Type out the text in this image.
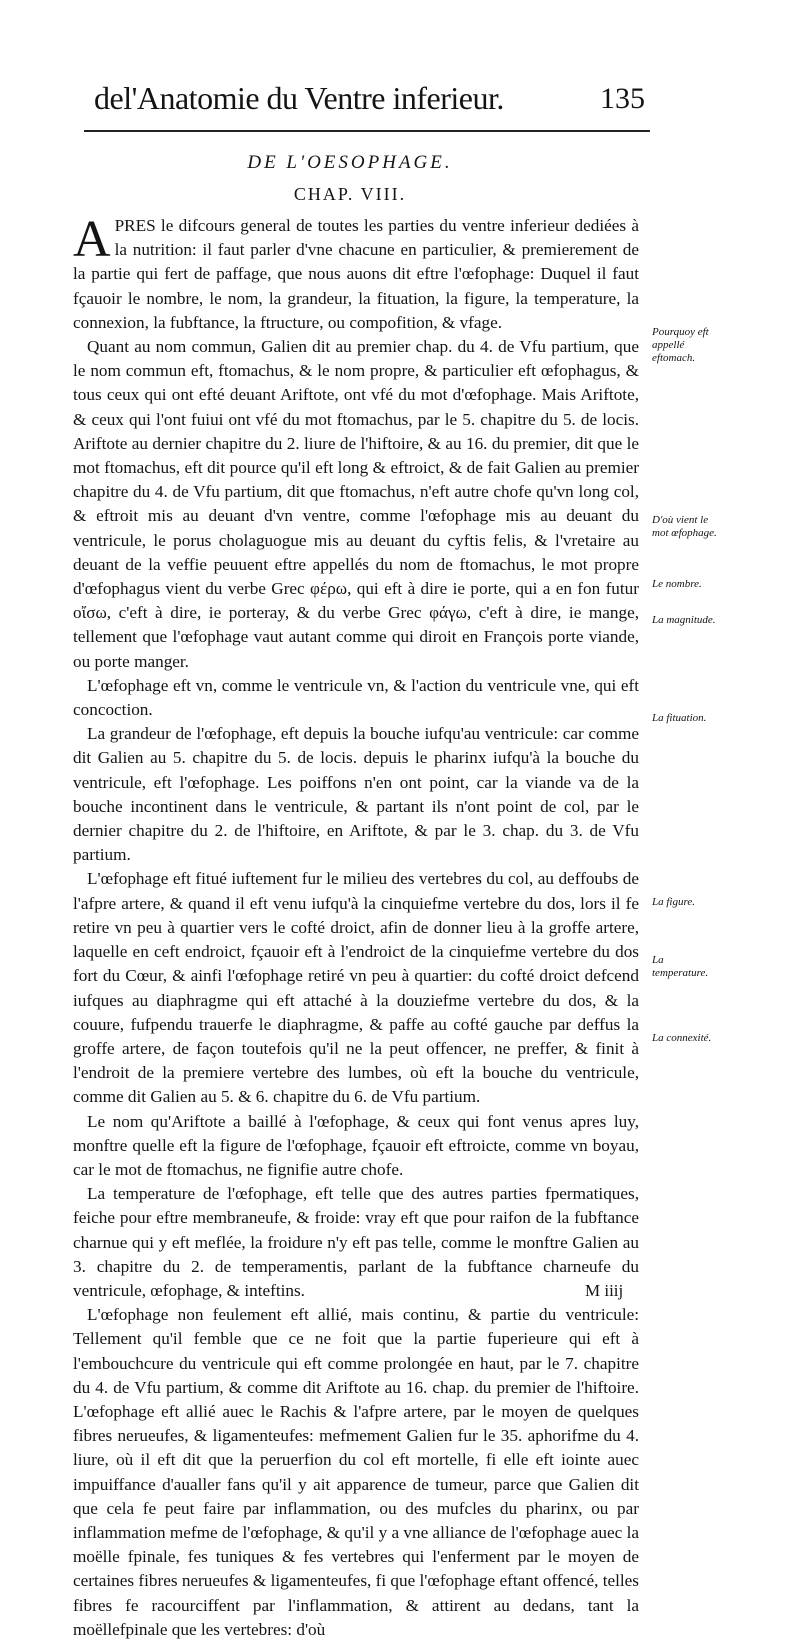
del'Anatomie du Ventre inferieur.	135
DE L'OESOPHAGE.
CHAP. VIII.

APRES le difcours general de toutes les parties du ventre inferieur dediées à la nutrition: il faut parler d'vne chacune en particulier, & premierement de la partie qui fert de paffage, que nous auons dit eftre l'œfophage: Duquel il faut fçauoir le nombre, le nom, la grandeur, la fituation, la figure, la temperature, la connexion, la fubftance, la ftructure, ou compofition, & vfage.

Quant au nom commun, Galien dit au premier chap. du 4. de Vfu partium, que le nom commun eft, ftomachus, & le nom propre, & particulier eft œfophagus, & tous ceux qui ont efté deuant Ariftote, ont vfé du mot d'œfophage. Mais Ariftote, & ceux qui l'ont fuiui ont vfé du mot ftomachus, par le 5. chapitre du 5. de locis. Ariftote au dernier chapitre du 2. liure de l'hiftoire, & au 16. du premier, dit que le mot ftomachus, eft dit pource qu'il eft long & eftroict, & de fait Galien au premier chapitre du 4. de Vfu partium, dit que ftomachus, n'eft autre chofe qu'vn long col, & eftroit mis au deuant d'vn ventre, comme l'œfophage mis au deuant du ventricule, le porus cholaguogue mis au deuant du cyftis felis, & l'vretaire au deuant de la veffie peuuent eftre appellés du nom de ftomachus, le mot propre d'œfophagus vient du verbe Grec φέρω, qui eft à dire ie porte, qui a en fon futur οἴσω, c'eft à dire, ie porteray, & du verbe Grec φάγω, c'eft à dire, ie mange, tellement que l'œfophage vaut autant comme qui diroit en François porte viande, ou porte manger.

L'œfophage eft vn, comme le ventricule vn, & l'action du ventricule vne, qui eft concoction.

La grandeur de l'œfophage, eft depuis la bouche iufqu'au ventricule: car comme dit Galien au 5. chapitre du 5. de locis. depuis le pharinx iufqu'à la bouche du ventricule, eft l'œfophage. Les poiffons n'en ont point, car la viande va de la bouche incontinent dans le ventricule, & partant ils n'ont point de col, par le dernier chapitre du 2. de l'hiftoire, en Ariftote, & par le 3. chap. du 3. de Vfu partium.

L'œfophage eft fitué iuftement fur le milieu des vertebres du col, au deffoubs de l'afpre artere, & quand il eft venu iufqu'à la cinquiefme vertebre du dos, lors il fe retire vn peu à quartier vers le cofté droict, afin de donner lieu à la groffe artere, laquelle en ceft endroict, fçauoir eft à l'endroict de la cinquiefme vertebre du dos fort du Cœur, & ainfi l'œfophage retiré vn peu à quartier: du cofté droict defcend iufques au diaphragme qui eft attaché à la douziefme vertebre du dos, & la couure, fufpendu trauerfe le diaphragme, & paffe au cofté gauche par deffus la groffe artere, de façon toutefois qu'il ne la peut offencer, ne preffer, & finit à l'endroit de la premiere vertebre des lumbes, où eft la bouche du ventricule, comme dit Galien au 5. & 6. chapitre du 6. de Vfu partium.

Le nom qu'Ariftote a baillé à l'œfophage, & ceux qui font venus apres luy, monftre quelle eft la figure de l'œfophage, fçauoir eft eftroicte, comme vn boyau, car le mot de ftomachus, ne fignifie autre chofe.

La temperature de l'œfophage, eft telle que des autres parties fpermatiques, feiche pour eftre membraneufe, & froide: vray eft que pour raifon de la fubftance charnue qui y eft meflée, la froidure n'y eft pas telle, comme le monftre Galien au 3. chapitre du 2. de temperamentis, parlant de la fubftance charneufe du ventricule, œfophage, & inteftins.

L'œfophage non feulement eft allié, mais continu, & partie du ventricule: Tellement qu'il femble que ce ne foit que la partie fuperieure qui eft à l'embouchcure du ventricule qui eft comme prolongée en haut, par le 7. chapitre du 4. de Vfu partium, & comme dit Ariftote au 16. chap. du premier de l'hiftoire. L'œfophage eft allié auec le Rachis & l'afpre artere, par le moyen de quelques fibres nerueufes, & ligamenteufes: mefmement Galien fur le 35. aphorifme du 4. liure, où il eft dit que la peruerfion du col eft mortelle, fi elle eft iointe auec impuiffance d'aualler fans qu'il y ait apparence de tumeur, parce que Galien dit que cela fe peut faire par inflammation, ou des mufcles du pharinx, ou par inflammation mefme de l'œfophage, & qu'il y a vne alliance de l'œfophage auec la moëlle fpinale, fes tuniques & fes vertebres qui l'enferment par le moyen de certaines fibres nerueufes & ligamenteufes, fi que l'œfophage eftant offencé, telles fibres fe racourciffent par l'inflammation, & attirent au dedans, tant la moëllefpinale que les vertebres: d'où

Pourquoy eft appellé eftomach.
D'où vient le mot œfophage.
Le nombre.
La magnitude.
La fituation.
La figure.
La temperature.
La connexité.
M iiij
